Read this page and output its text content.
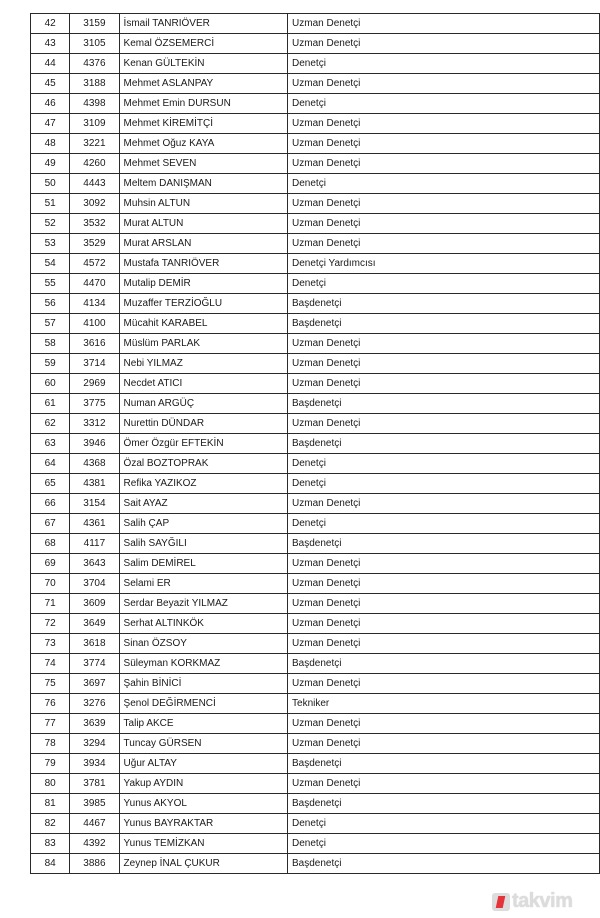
42	3159	İsmail TANRIÖVER	Uzman Denetçi
43	3105	Kemal ÖZSEMERCİ	Uzman Denetçi
44	4376	Kenan GÜLTEKİN	Denetçi
45	3188	Mehmet ASLANPAY	Uzman Denetçi
46	4398	Mehmet Emin DURSUN	Denetçi
47	3109	Mehmet KİREMİTÇİ	Uzman Denetçi
48	3221	Mehmet Oğuz KAYA	Uzman Denetçi
49	4260	Mehmet SEVEN	Uzman Denetçi
50	4443	Meltem DANIŞMAN	Denetçi
51	3092	Muhsin ALTUN	Uzman Denetçi
52	3532	Murat ALTUN	Uzman Denetçi
53	3529	Murat ARSLAN	Uzman Denetçi
54	4572	Mustafa TANRIÖVER	Denetçi Yardımcısı
55	4470	Mutalip DEMİR	Denetçi
56	4134	Muzaffer TERZİOĞLU	Başdenetçi
57	4100	Mücahit KARABEL	Başdenetçi
58	3616	Müslüm PARLAK	Uzman Denetçi
59	3714	Nebi YILMAZ	Uzman Denetçi
60	2969	Necdet ATICI	Uzman Denetçi
61	3775	Numan ARGÜÇ	Başdenetçi
62	3312	Nurettin DÜNDAR	Uzman Denetçi
63	3946	Ömer Özgür EFTEKİN	Başdenetçi
64	4368	Özal BOZTOPRAK	Denetçi
65	4381	Refika YAZIKOZ	Denetçi
66	3154	Sait AYAZ	Uzman Denetçi
67	4361	Salih ÇAP	Denetçi
68	4117	Salih SAYĞILI	Başdenetçi
69	3643	Salim DEMİREL	Uzman Denetçi
70	3704	Selami ER	Uzman Denetçi
71	3609	Serdar Beyazit YILMAZ	Uzman Denetçi
72	3649	Serhat ALTINKÖK	Uzman Denetçi
73	3618	Sinan ÖZSOY	Uzman Denetçi
74	3774	Süleyman KORKMAZ	Başdenetçi
75	3697	Şahin BİNİCİ	Uzman Denetçi
76	3276	Şenol DEĞİRMENCİ	Tekniker
77	3639	Talip AKCE	Uzman Denetçi
78	3294	Tuncay GÜRSEN	Uzman Denetçi
79	3934	Uğur ALTAY	Başdenetçi
80	3781	Yakup AYDIN	Uzman Denetçi
81	3985	Yunus AKYOL	Başdenetçi
82	4467	Yunus BAYRAKTAR	Denetçi
83	4392	Yunus TEMİZKAN	Denetçi
84	3886	Zeynep İNAL ÇUKUR	Başdenetçi
takvim
